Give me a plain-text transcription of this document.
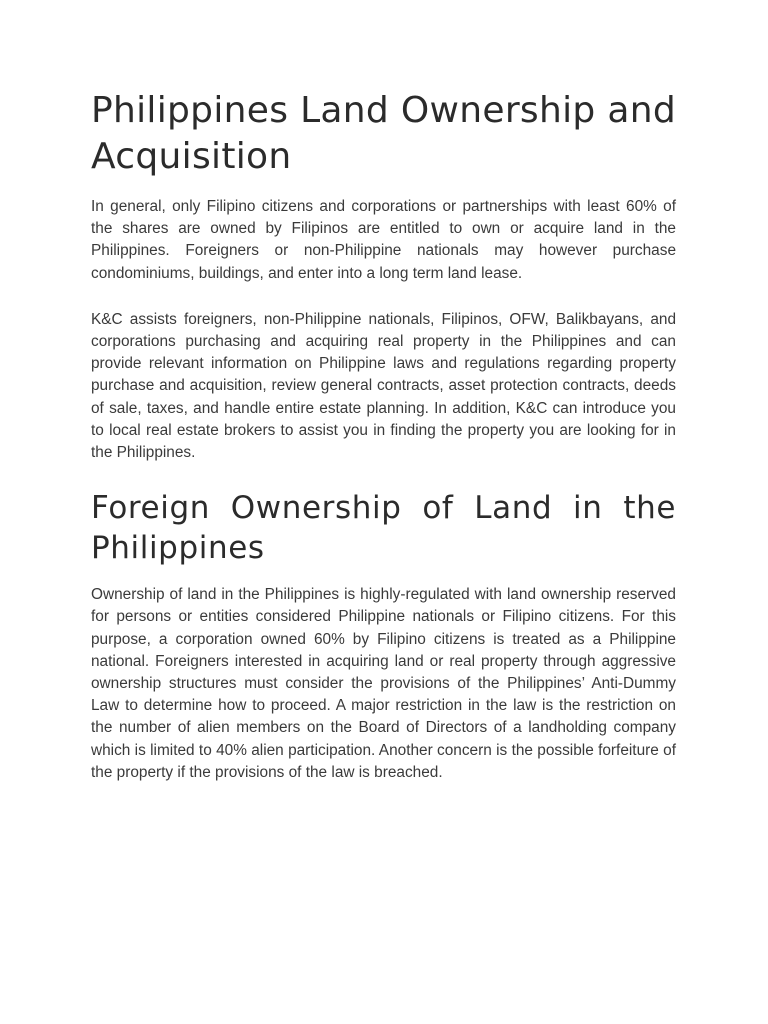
Philippines Land Ownership and Acquisition

In general, only Filipino citizens and corporations or partnerships with least 60% of the shares are owned by Filipinos are entitled to own or acquire land in the Philippines. Foreigners or non-Philippine nationals may however purchase condominiums, buildings, and enter into a long term land lease.

K&C assists foreigners, non-Philippine nationals, Filipinos, OFW, Balikbayans, and corporations purchasing and acquiring real property in the Philippines and can provide relevant information on Philippine laws and regulations regarding property purchase and acquisition, review general contracts, asset protection contracts, deeds of sale, taxes, and handle entire estate planning. In addition, K&C can introduce you to local real estate brokers to assist you in finding the property you are looking for in the Philippines.

Foreign Ownership of Land in the Philippines

Ownership of land in the Philippines is highly-regulated with land ownership reserved for persons or entities considered Philippine nationals or Filipino citizens. For this purpose, a corporation owned 60% by Filipino citizens is treated as a Philippine national. Foreigners interested in acquiring land or real property through aggressive ownership structures must consider the provisions of the Philippines’ Anti-Dummy Law to determine how to proceed. A major restriction in the law is the restriction on the number of alien members on the Board of Directors of a landholding company which is limited to 40% alien participation. Another concern is the possible forfeiture of the property if the provisions of the law is breached.
